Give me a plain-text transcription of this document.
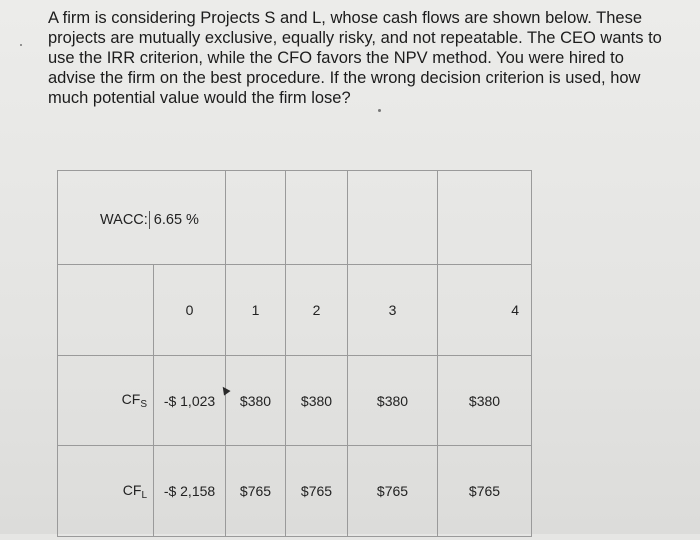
A firm is considering Projects S and L, whose cash flows are shown below. These
projects are mutually exclusive, equally risky, and not repeatable. The CEO wants to
use the IRR criterion, while the CFO favors the NPV method. You were hired to
advise the firm on the best procedure. If the wrong decision criterion is used, how
much potential value would the firm lose?

WACC: 6.65 %					

	0	1	2	3	4

$CF_S$	-$ 1,023	$380	$380	$380	$380

$CF_L$	-$ 2,158	$765	$765	$765	$765
